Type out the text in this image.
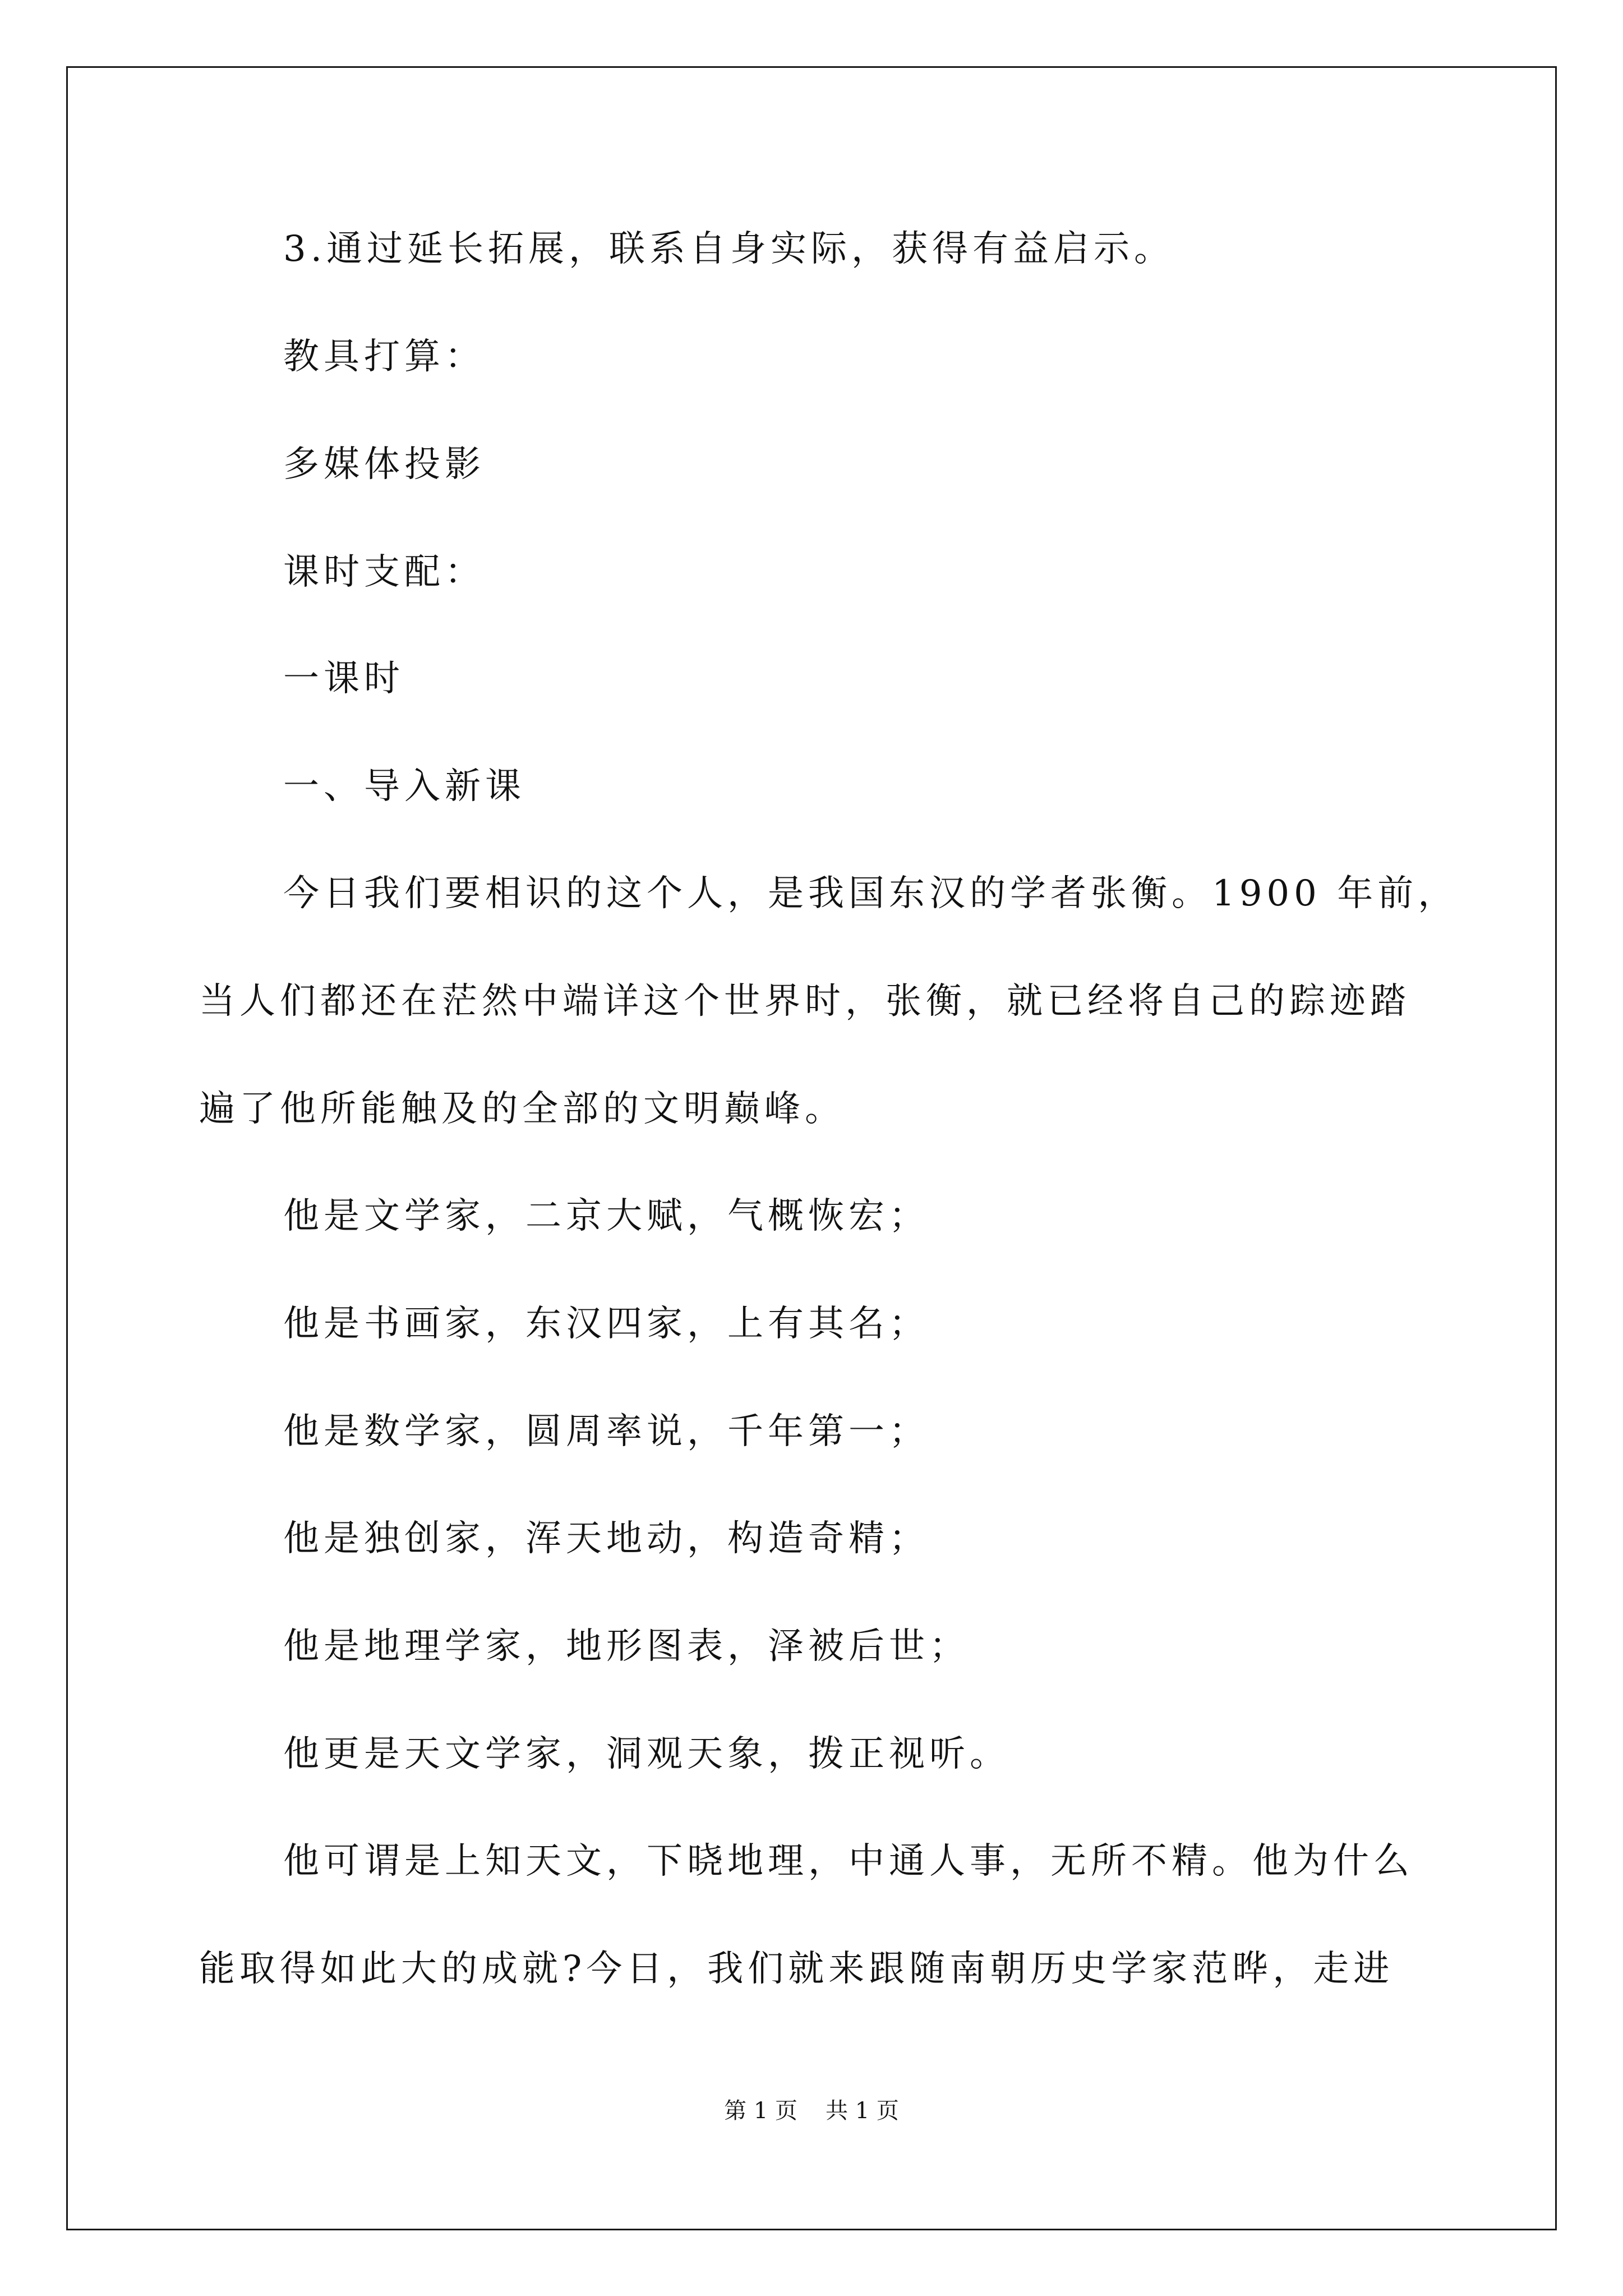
3.通过延长拓展，联系自身实际，获得有益启示。
教具打算：
多媒体投影
课时支配：
一课时
一、导入新课
今日我们要相识的这个人，是我国东汉的学者张衡。1900 年前，
当人们都还在茫然中端详这个世界时，张衡，就已经将自己的踪迹踏
遍了他所能触及的全部的文明巅峰。
他是文学家，二京大赋，气概恢宏；
他是书画家，东汉四家，上有其名；
他是数学家，圆周率说，千年第一；
他是独创家，浑天地动，构造奇精；
他是地理学家，地形图表，泽被后世；
他更是天文学家，洞观天象，拨正视听。
他可谓是上知天文，下晓地理，中通人事，无所不精。他为什么
能取得如此大的成就?今日，我们就来跟随南朝历史学家范晔，走进
第 1 页 共 1 页
